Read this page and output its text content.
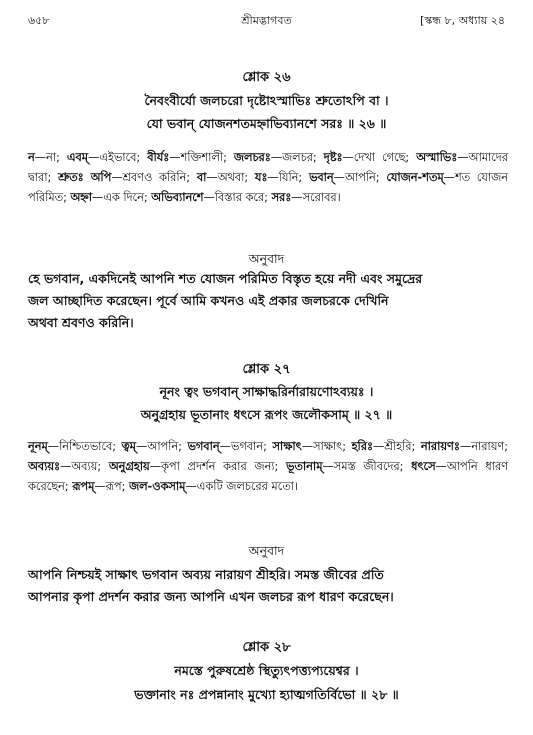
৬৫৮	শ্রীমদ্ভাগবত	[স্কন্ধ ৮, অধ্যায় ২৪
শ্লোক ২৬
নৈবংবীর্যো জলচরো দৃষ্টোঽস্মাভিঃ শ্রুতোঽপি বা ।
যো ভবান্ যোজনশতমহ্নাভিব্যানশে সরঃ ॥ ২৬ ॥
ন—না; এবম্—এইভাবে; বীর্যঃ—শক্তিশালী; জলচরঃ—জলচর; দৃষ্টঃ—দেখা গেছে; অস্মাভিঃ—আমাদের দ্বারা; শ্রুতঃ অপি—শ্রবণও করিনি; বা—অথবা; যঃ—যিনি; ভবান্—আপনি; যোজন-শতম্—শত যোজন পরিমিত; অহ্না—এক দিনে; অভিব্যানশে—বিস্তার করে; সরঃ—সরোবর।
অনুবাদ
হে ভগবান, একদিনেই আপনি শত যোজন পরিমিত বিস্তৃত হয়ে নদী এবং সমুদ্রের
জল আচ্ছাদিত করেছেন। পূর্বে আমি কখনও এই প্রকার জলচরকে দেখিনি
অথবা শ্রবণও করিনি।
শ্লোক ২৭
নূনং ত্বং ভগবান্ সাক্ষাদ্ধরির্নারায়ণোঽব্যয়ঃ ।
অনুগ্রহায় ভূতানাং ধৎসে রূপং জলৌকসাম্ ॥ ২৭ ॥
নূনম্—নিশ্চিতভাবে; ত্বম্—আপনি; ভগবান্—ভগবান; সাক্ষাৎ—সাক্ষাৎ; হরিঃ—শ্রীহরি; নারায়ণঃ—নারায়ণ; অব্যয়ঃ—অব্যয়; অনুগ্রহায়—কৃপা প্রদর্শন করার জন্য; ভূতানাম্—সমস্ত জীবদের; ধৎসে—আপনি ধারণ করেছেন; রূপম্—রূপ; জল-ওকসাম্—একটি জলচরের মতো।
অনুবাদ
আপনি নিশ্চয়ই সাক্ষাৎ ভগবান অব্যয় নারায়ণ শ্রীহরি। সমস্ত জীবের প্রতি
আপনার কৃপা প্রদর্শন করার জন্য আপনি এখন জলচর রূপ ধারণ করেছেন।
শ্লোক ২৮
নমস্তে পুরুষশ্রেষ্ঠ স্থিত্যুৎপত্ত্যপ্যয়েশ্বর ।
ভক্তানাং নঃ প্রপন্নানাং মুখ্যো হ্যাত্মগতির্বিভো ॥ ২৮ ॥
